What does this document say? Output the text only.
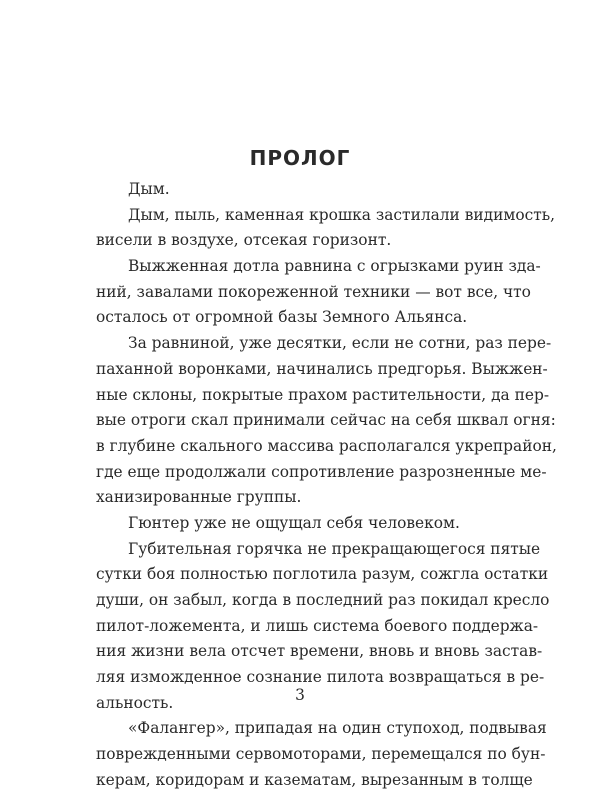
ПРОЛОГ
Дым.
Дым, пыль, каменная крошка застилали видимость,
висели в воздухе, отсекая горизонт.
Выжженная дотла равнина с огрызками руин зда-
ний, завалами покореженной техники — вот все, что
осталось от огромной базы Земного Альянса.
За равниной, уже десятки, если не сотни, раз пере-
паханной воронками, начинались предгорья. Выжжен-
ные склоны, покрытые прахом растительности, да пер-
вые отроги скал принимали сейчас на себя шквал огня:
в глубине скального массива располагался укрепрайон,
где еще продолжали сопротивление разрозненные ме-
ханизированные группы.
Гюнтер уже не ощущал себя человеком.
Губительная горячка не прекращающегося пятые
сутки боя полностью поглотила разум, сожгла остатки
души, он забыл, когда в последний раз покидал кресло
пилот-ложемента, и лишь система боевого поддержа-
ния жизни вела отсчет времени, вновь и вновь застав-
ляя изможденное сознание пилота возвращаться в ре-
альность.
«Фалангер», припадая на один ступоход, подвывая
поврежденными сервомоторами, перемещался по бун-
керам, коридорам и казематам, вырезанным в толще
3
